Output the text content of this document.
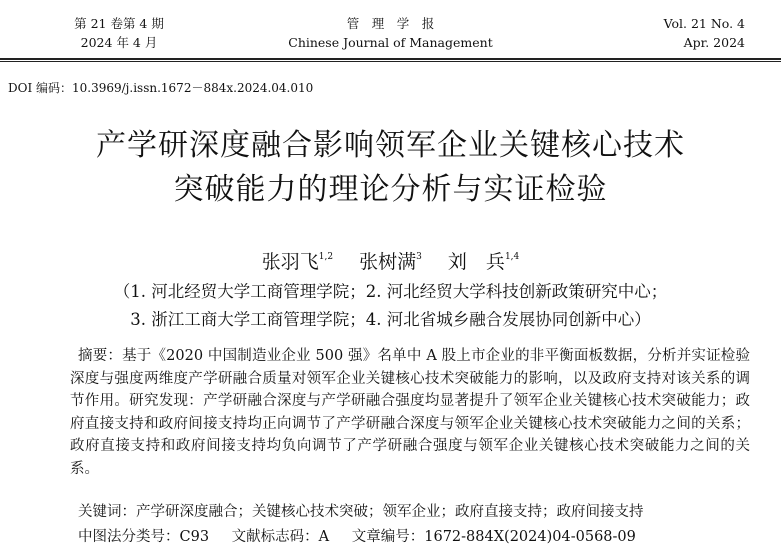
第 21 卷第 4 期
2024 年 4 月
管　理　学　报
Chinese Journal of Management
Vol. 21 No. 4
Apr. 2024
DOI 编码：10.3969/j.issn.1672－884x.2024.04.010
产学研深度融合影响领军企业关键核心技术
突破能力的理论分析与实证检验
张羽飞$^{1,2}$ 张树满$^3$ 刘　兵$^{1,4}$
（1. 河北经贸大学工商管理学院；2. 河北经贸大学科技创新政策研究中心；
3. 浙江工商大学工商管理学院；4. 河北省城乡融合发展协同创新中心）

摘要：基于《2020 中国制造业企业 500 强》名单中 A 股上市企业的非平衡面板数据，分析并实证检验深度与强度两维度产学研融合质量对领军企业关键核心技术突破能力的影响，以及政府支持对该关系的调节作用。研究发现：产学研融合深度与产学研融合强度均显著提升了领军企业关键核心技术突破能力；政府直接支持和政府间接支持均正向调节了产学研融合深度与领军企业关键核心技术突破能力之间的关系；政府直接支持和政府间接支持均负向调节了产学研融合强度与领军企业关键核心技术突破能力之间的关系。

关键词：产学研深度融合；关键核心技术突破；领军企业；政府直接支持；政府间接支持
中图法分类号：C93 文献标志码：A 文章编号：1672-884X(2024)04-0568-09
